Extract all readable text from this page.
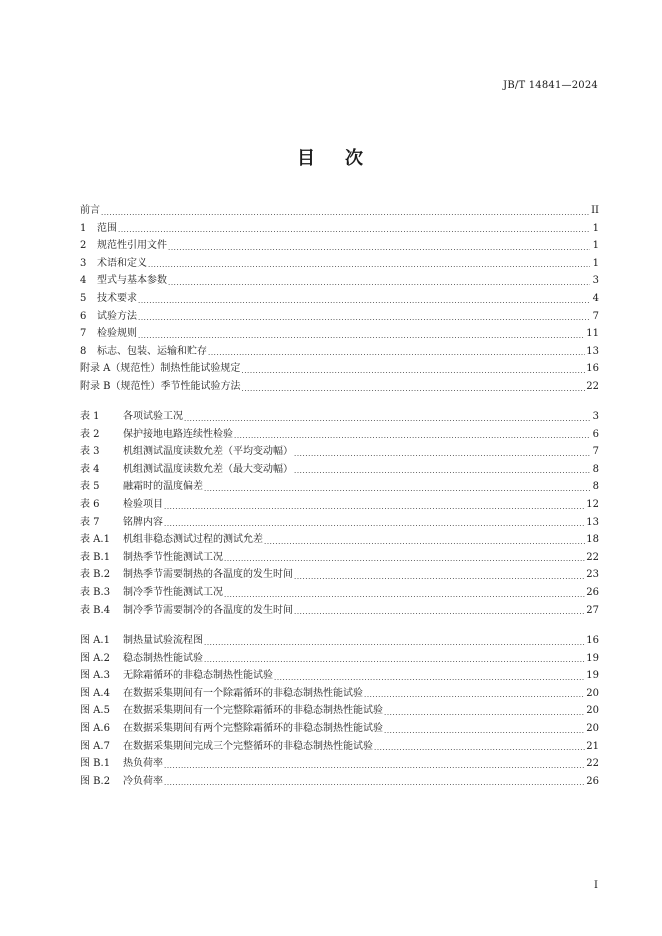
JB/T 14841—2024
目 次
前言 .....	II
1 范围 .....	1
2 规范性引用文件 .....	1
3 术语和定义 .....	1
4 型式与基本参数 .....	3
5 技术要求 .....	4
6 试验方法 .....	7
7 检验规则 .....	11
8 标志、包装、运输和贮存 .....	13
附录 A（规范性）制热性能试验规定 .....	16
附录 B（规范性）季节性能试验方法 .....	22
表 1 各项试验工况 .....	3
表 2 保护接地电路连续性检验 .....	6
表 3 机组测试温度读数允差（平均变动幅） .....	7
表 4 机组测试温度读数允差（最大变动幅） .....	8
表 5 融霜时的温度偏差 .....	8
表 6 检验项目 .....	12
表 7 铭牌内容 .....	13
表 A.1 机组非稳态测试过程的测试允差 .....	18
表 B.1 制热季节性能测试工况 .....	22
表 B.2 制热季节需要制热的各温度的发生时间 .....	23
表 B.3 制冷季节性能测试工况 .....	26
表 B.4 制冷季节需要制冷的各温度的发生时间 .....	27
图 A.1 制热量试验流程图 .....	16
图 A.2 稳态制热性能试验 .....	19
图 A.3 无除霜循环的非稳态制热性能试验 .....	19
图 A.4 在数据采集期间有一个除霜循环的非稳态制热性能试验 .....	20
图 A.5 在数据采集期间有一个完整除霜循环的非稳态制热性能试验 .....	20
图 A.6 在数据采集期间有两个完整除霜循环的非稳态制热性能试验 .....	20
图 A.7 在数据采集期间完成三个完整循环的非稳态制热性能试验 .....	21
图 B.1 热负荷率 .....	22
图 B.2 冷负荷率 .....	26
I
